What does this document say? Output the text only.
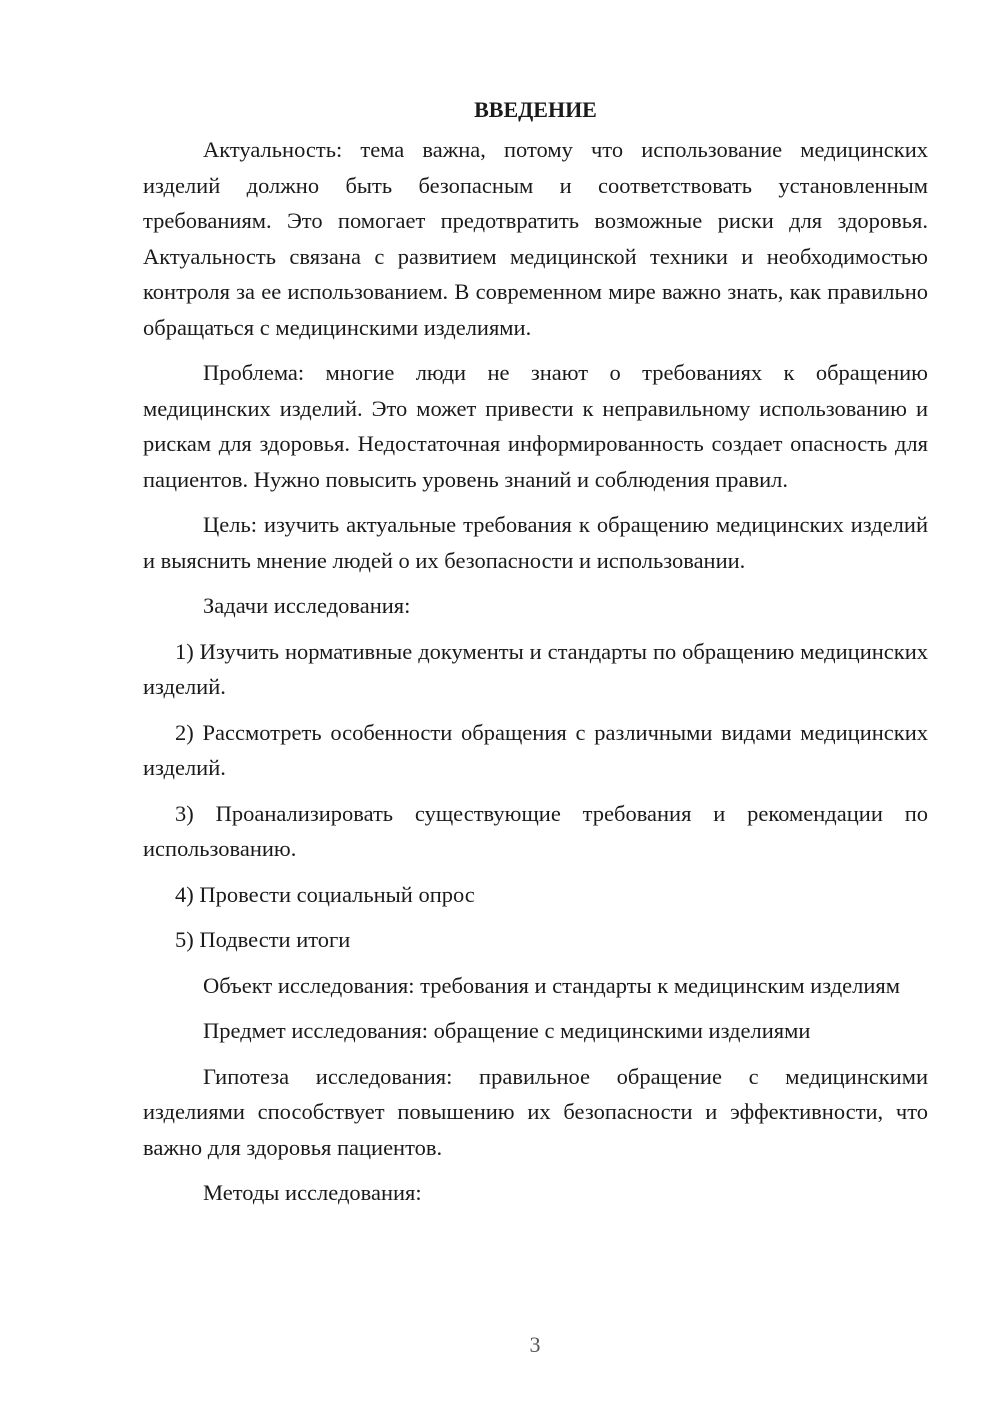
ВВЕДЕНИЕ

Актуальность: тема важна, потому что использование медицинских изделий должно быть безопасным и соответствовать установленным требованиям. Это помогает предотвратить возможные риски для здоровья. Актуальность связана с развитием медицинской техники и необходимостью контроля за ее использованием. В современном мире важно знать, как правильно обращаться с медицинскими изделиями.

Проблема: многие люди не знают о требованиях к обращению медицинских изделий. Это может привести к неправильному использованию и рискам для здоровья. Недостаточная информированность создает опасность для пациентов. Нужно повысить уровень знаний и соблюдения правил.

Цель: изучить актуальные требования к обращению медицинских изделий и выяснить мнение людей о их безопасности и использовании.

Задачи исследования:

1) Изучить нормативные документы и стандарты по обращению медицинских изделий.

2) Рассмотреть особенности обращения с различными видами медицинских изделий.

3) Проанализировать существующие требования и рекомендации по использованию.

4) Провести социальный опрос

5) Подвести итоги

Объект исследования: требования и стандарты к медицинским изделиям

Предмет исследования: обращение с медицинскими изделиями

Гипотеза исследования: правильное обращение с медицинскими изделиями способствует повышению их безопасности и эффективности, что важно для здоровья пациентов.

Методы исследования:

3
